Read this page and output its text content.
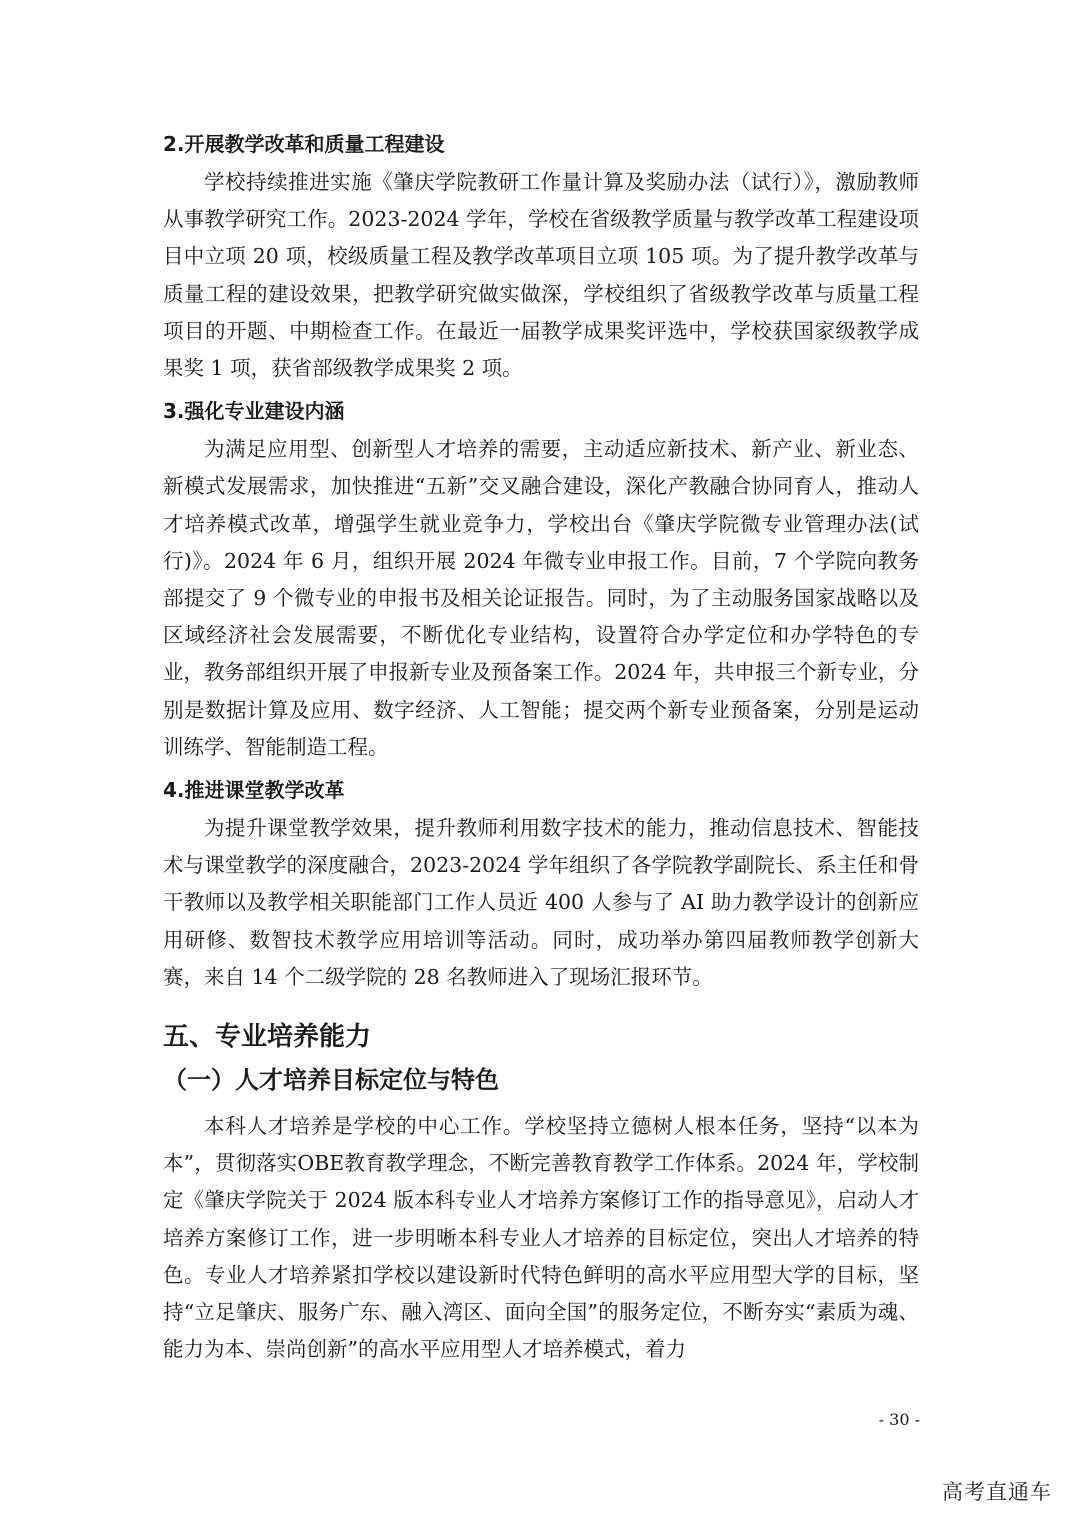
2.开展教学改革和质量工程建设

学校持续推进实施《肇庆学院教研工作量计算及奖励办法（试行）》，激励教师从事教学研究工作。2023-2024 学年，学校在省级教学质量与教学改革工程建设项目中立项 20 项，校级质量工程及教学改革项目立项 105 项。为了提升教学改革与质量工程的建设效果，把教学研究做实做深，学校组织了省级教学改革与质量工程项目的开题、中期检查工作。在最近一届教学成果奖评选中，学校获国家级教学成果奖 1 项，获省部级教学成果奖 2 项。

3.强化专业建设内涵

为满足应用型、创新型人才培养的需要，主动适应新技术、新产业、新业态、新模式发展需求，加快推进“五新”交叉融合建设，深化产教融合协同育人，推动人才培养模式改革，增强学生就业竞争力，学校出台《肇庆学院微专业管理办法(试行)》。2024 年 6 月，组织开展 2024 年微专业申报工作。目前，7 个学院向教务部提交了 9 个微专业的申报书及相关论证报告。同时，为了主动服务国家战略以及区域经济社会发展需要，不断优化专业结构，设置符合办学定位和办学特色的专业，教务部组织开展了申报新专业及预备案工作。2024 年，共申报三个新专业，分别是数据计算及应用、数字经济、人工智能；提交两个新专业预备案，分别是运动训练学、智能制造工程。

4.推进课堂教学改革

为提升课堂教学效果，提升教师利用数字技术的能力，推动信息技术、智能技术与课堂教学的深度融合，2023-2024 学年组织了各学院教学副院长、系主任和骨干教师以及教学相关职能部门工作人员近 400 人参与了 AI 助力教学设计的创新应用研修、数智技术教学应用培训等活动。同时，成功举办第四届教师教学创新大赛，来自 14 个二级学院的 28 名教师进入了现场汇报环节。

五、专业培养能力
（一）人才培养目标定位与特色

本科人才培养是学校的中心工作。学校坚持立德树人根本任务，坚持“以本为本”，贯彻落实OBE教育教学理念，不断完善教育教学工作体系。2024 年，学校制定《肇庆学院关于 2024 版本科专业人才培养方案修订工作的指导意见》，启动人才培养方案修订工作，进一步明晰本科专业人才培养的目标定位，突出人才培养的特色。专业人才培养紧扣学校以建设新时代特色鲜明的高水平应用型大学的目标，坚持“立足肇庆、服务广东、融入湾区、面向全国”的服务定位，不断夯实“素质为魂、能力为本、崇尚创新”的高水平应用型人才培养模式，着力

- 30 -
高考直通车
